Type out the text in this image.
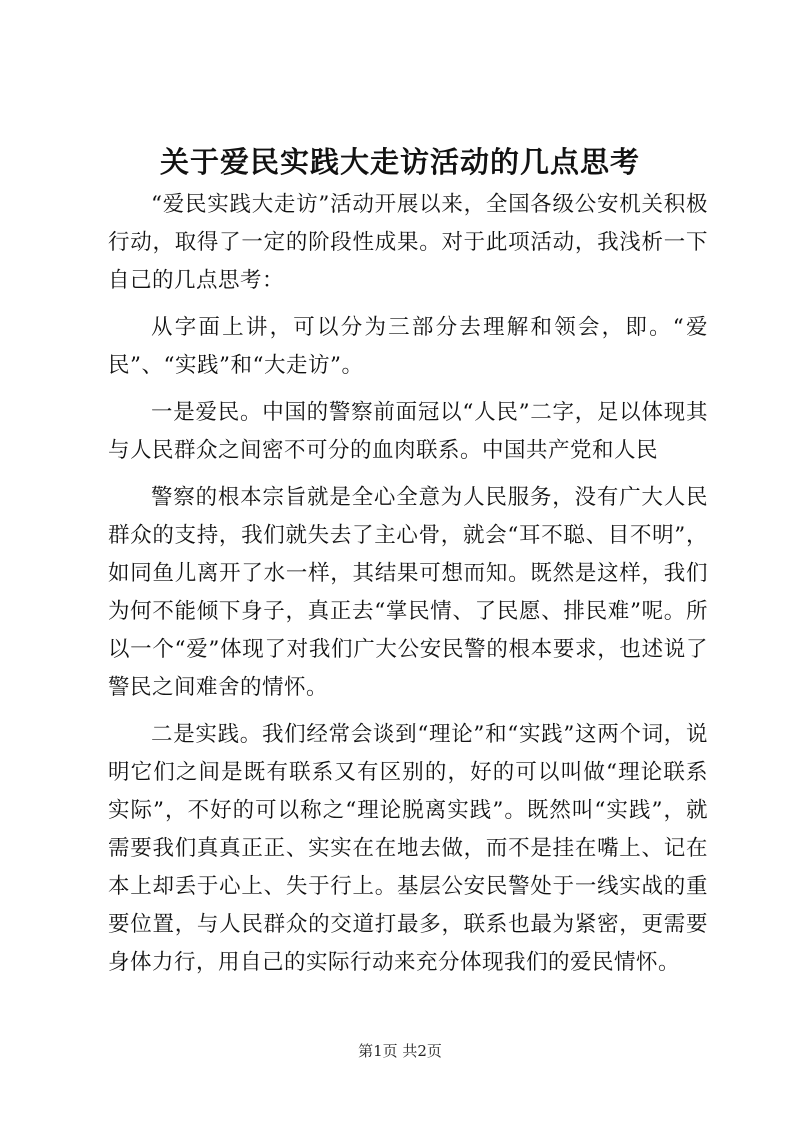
关于爱民实践大走访活动的几点思考

“爱民实践大走访”活动开展以来，全国各级公安机关积极行动，取得了一定的阶段性成果。对于此项活动，我浅析一下自己的几点思考：

从字面上讲，可以分为三部分去理解和领会，即。“爱民”、“实践”和“大走访”。

一是爱民。中国的警察前面冠以“人民”二字，足以体现其与人民群众之间密不可分的血肉联系。中国共产党和人民

警察的根本宗旨就是全心全意为人民服务，没有广大人民群众的支持，我们就失去了主心骨，就会“耳不聪、目不明”，如同鱼儿离开了水一样，其结果可想而知。既然是这样，我们为何不能倾下身子，真正去“掌民情、了民愿、排民难”呢。所以一个“爱”体现了对我们广大公安民警的根本要求，也述说了警民之间难舍的情怀。

二是实践。我们经常会谈到“理论”和“实践”这两个词，说明它们之间是既有联系又有区别的，好的可以叫做“理论联系实际”，不好的可以称之“理论脱离实践”。既然叫“实践”，就需要我们真真正正、实实在在地去做，而不是挂在嘴上、记在本上却丢于心上、失于行上。基层公安民警处于一线实战的重要位置，与人民群众的交道打最多，联系也最为紧密，更需要身体力行，用自己的实际行动来充分体现我们的爱民情怀。

第1页 共2页
